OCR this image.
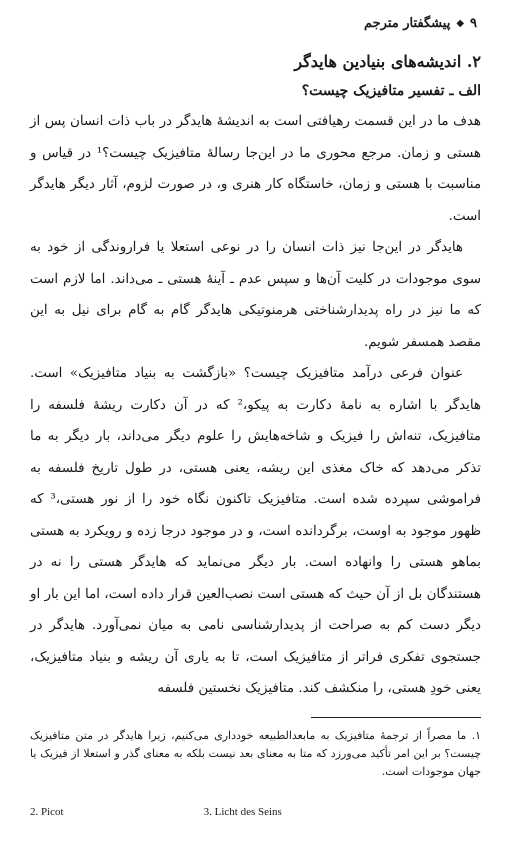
۹
◆
پیشگفتار مترجم
۲. اندیشه‌های بنیادین هایدگر
الف ـ تفسیر متافیزیک چیست؟

هدف ما در این قسمت رهیافتی است به اندیشهٔ هایدگر در باب ذات انسان پس از هستی و زمان. مرجع محوری ما در این‌جا رسالهٔ متافیزیک چیست؟¹ در قیاس و مناسبت با هستی و زمان، خاستگاه کار هنری و، در صورت لزوم، آثار دیگر هایدگر است.

هایدگر در این‌جا نیز ذات انسان را در نوعی استعلا یا فراروندگی از خود به سوی موجودات در کلیت آن‌ها و سپس عدم ـ آینهٔ هستی ـ می‌داند. اما لازم است که ما نیز در راه پدیدارشناختی هرمنوتیکی هایدگر گام به گام برای نیل به این مقصد همسفر شویم.

عنوان فرعی درآمد متافیزیک چیست؟ «بازگشت به بنیاد متافیزیک» است. هایدگر با اشاره به نامهٔ دکارت به پیکو،² که در آن دکارت ریشهٔ فلسفه را متافیزیک، تنه‌اش را فیزیک و شاخه‌هایش را علوم دیگر می‌داند، بار دیگر به ما تذکر می‌دهد که خاک مغذی این ریشه، یعنی هستی، در طول تاریخ فلسفه به فراموشی سپرده شده است. متافیزیک تاکنون نگاه خود را از نور هستی،³ که ظهور موجود به اوست، برگردانده است، و در موجود درجا زده و رویکرد به هستی بماهو هستی را وانهاده است. بار دیگر می‌نماید که هایدگر هستی را نه در هستندگان بل از آن حیث که هستی است نصب‌العین قرار داده است، اما این بار او دیگر دست کم به صراحت از پدیدارشناسی نامی به میان نمی‌آورد. هایدگر در جستجوی تفکری فراتر از متافیزیک است، تا به یاری آن ریشه و بنیاد متافیزیک، یعنی خودِ هستی، را منکشف کند. متافیزیک نخستین فلسفه

۱. ما مصراً از ترجمهٔ متافیزیک به مابعدالطبیعه خودداری می‌کنیم، زیرا هایدگر در متن متافیزیک چیست؟ بر این امر تأکید می‌ورزد که متا به معنای بعد نیست بلکه به معنای گذر و استعلا از فیزیک یا جهان موجودات است.
2. Picot	3. Licht des Seins
